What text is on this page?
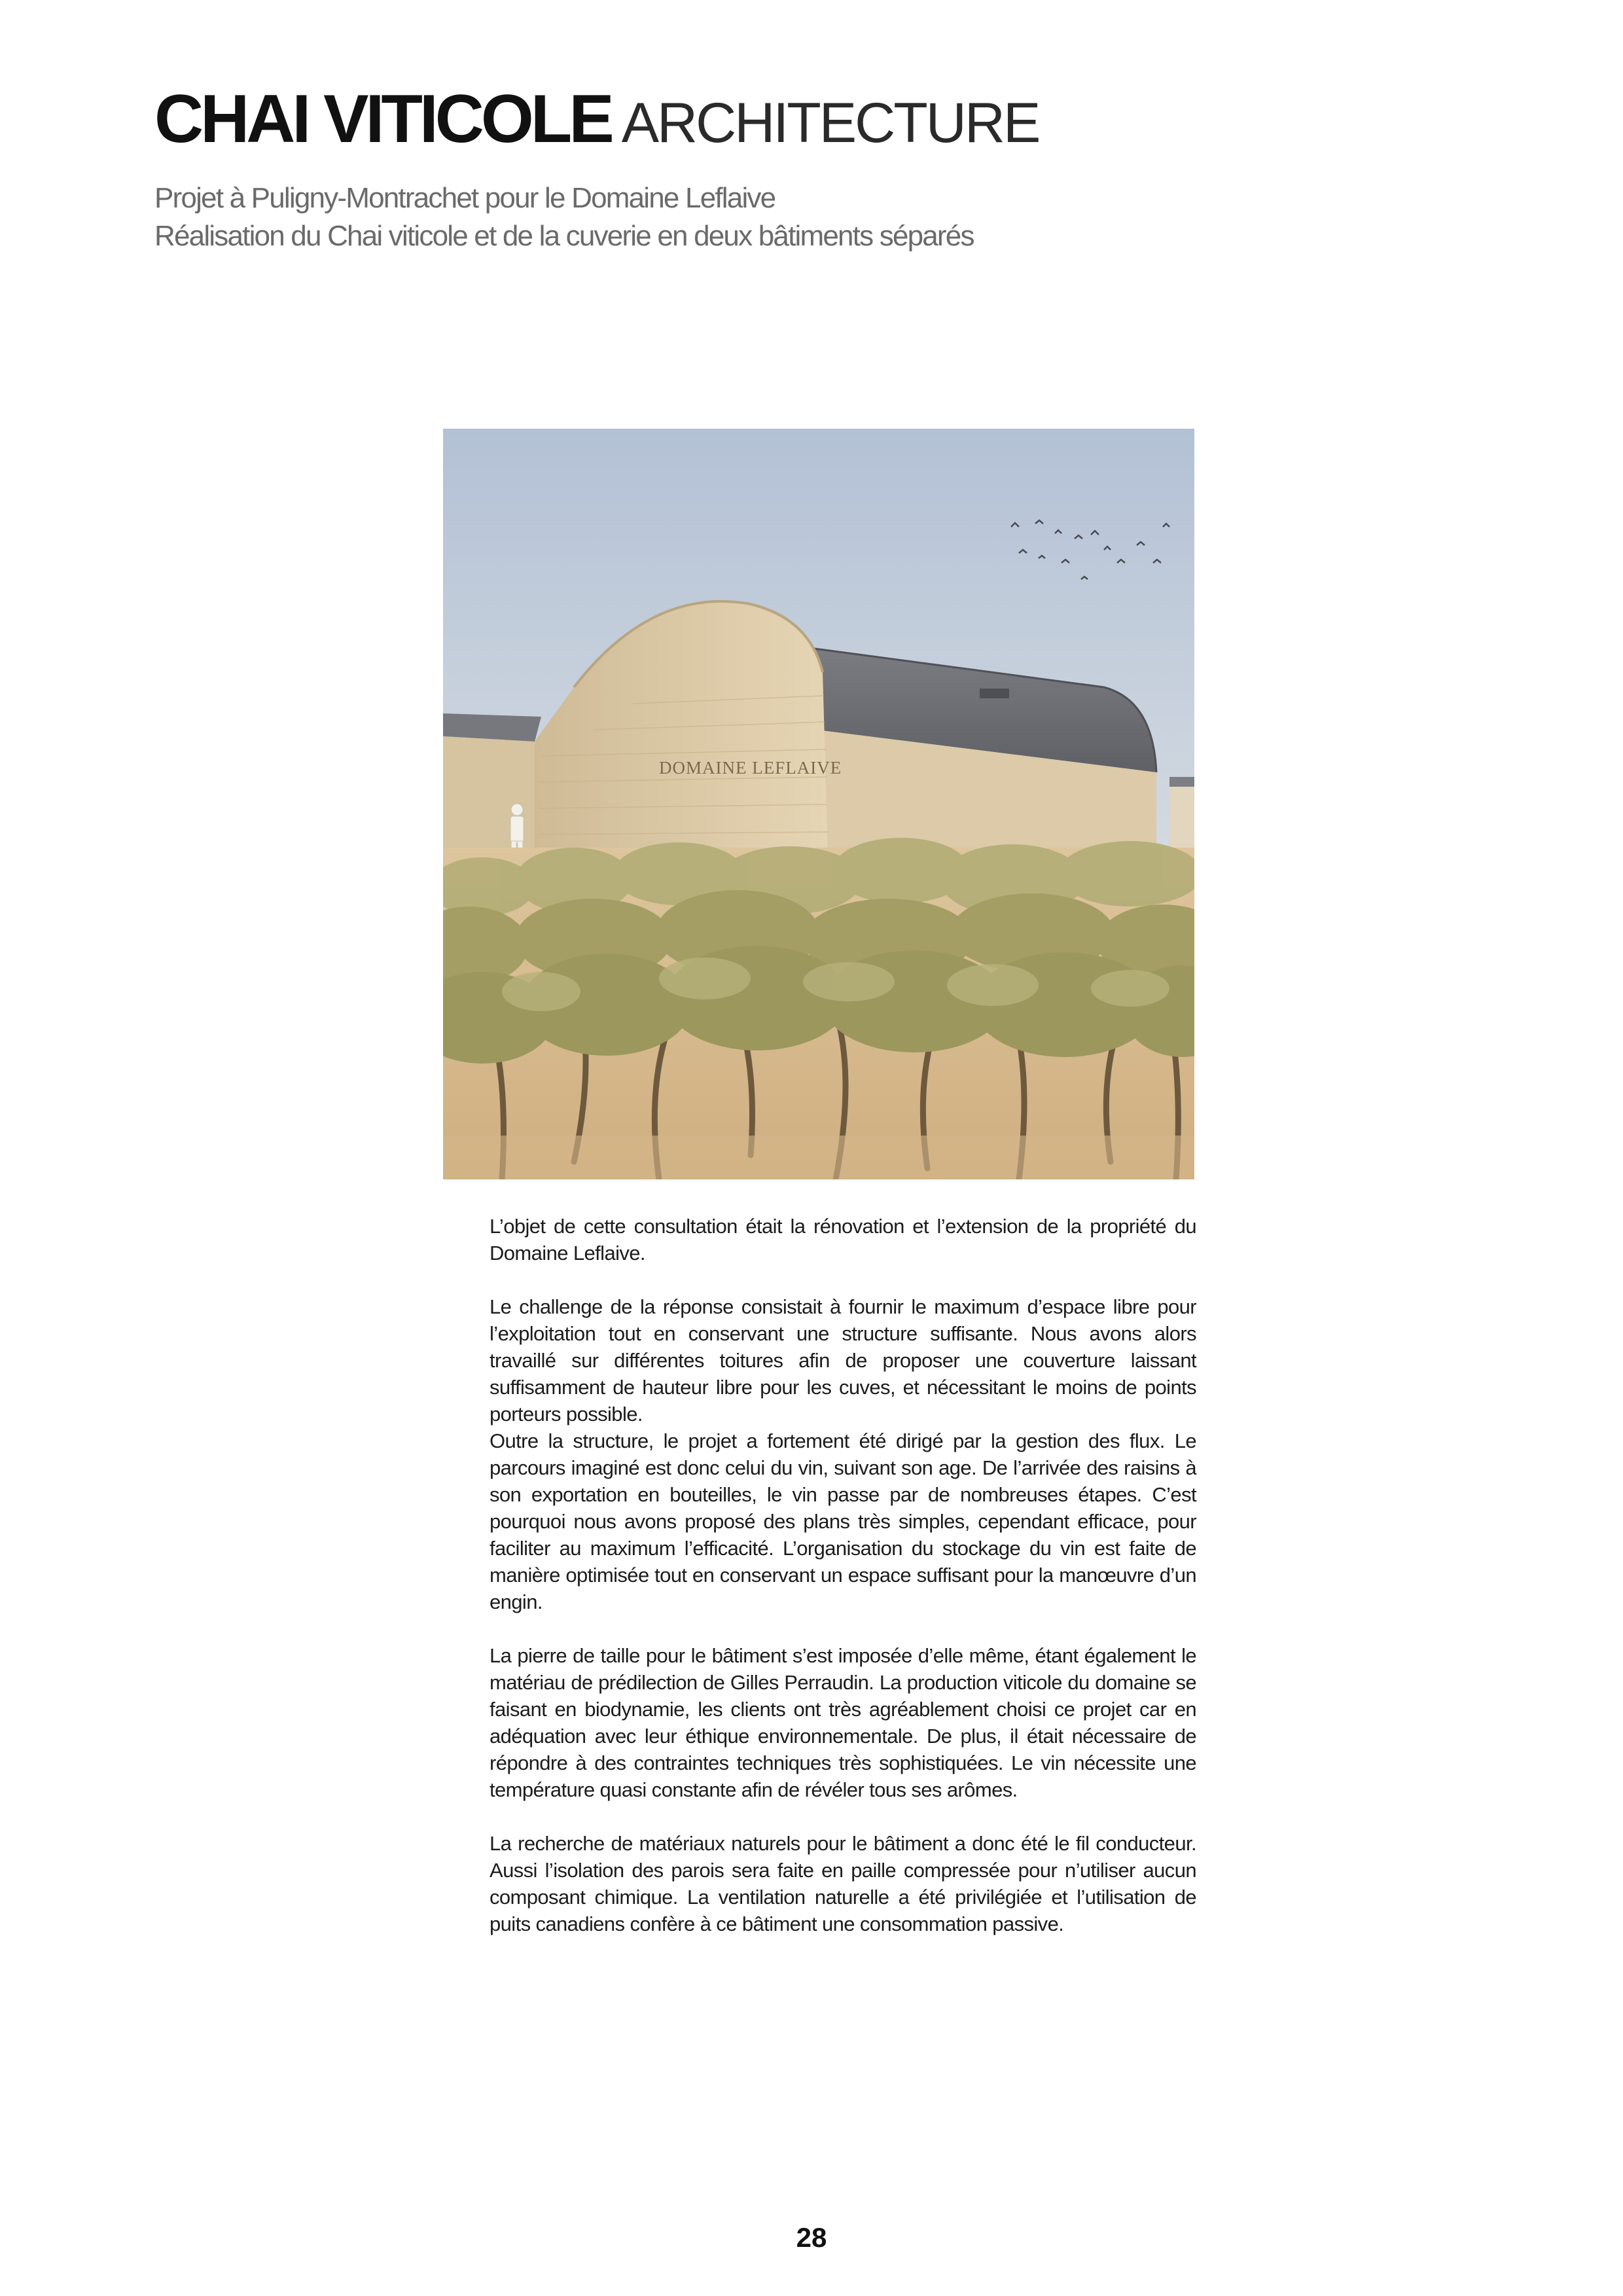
CHAI VITICOLE ARCHITECTURE
Projet à Puligny-Montrachet pour le Domaine Leflaive
Réalisation du Chai viticole et de la cuverie en deux bâtiments séparés
DOMAINE LEFLAIVE

L’objet de cette consultation était la rénovation et l’extension de la propriété du Domaine Leflaive.

Le challenge de la réponse consistait à fournir le maximum d’espace libre pour l’exploitation tout en conservant une structure suffisante. Nous avons alors travaillé sur différentes toitures afin de proposer une couverture laissant suffisamment de hauteur libre pour les cuves, et nécessitant le moins de points porteurs possible.

Outre la structure, le projet a fortement été dirigé par la gestion des flux. Le parcours imaginé est donc celui du vin, suivant son age. De l’arrivée des raisins à son exportation en bouteilles, le vin passe par de nombreuses étapes. C’est pourquoi nous avons proposé des plans très simples, cependant efficace, pour faciliter au maximum l’efficacité. L’organisation du stockage du vin est faite de manière optimisée tout en conservant un espace suffisant pour la manœuvre d’un engin.

La pierre de taille pour le bâtiment s’est imposée d’elle même, étant également le matériau de prédilection de Gilles Perraudin. La production viticole du domaine se faisant en biodynamie, les clients ont très agréablement choisi ce projet car en adéquation avec leur éthique environnementale. De plus, il était nécessaire de répondre à des contraintes techniques très sophistiquées. Le vin nécessite une température quasi constante afin de révéler tous ses arômes.

La recherche de matériaux naturels pour le bâtiment a donc été le fil conducteur. Aussi l’isolation des parois sera faite en paille compressée pour n’utiliser aucun composant chimique. La ventilation naturelle a été privilégiée et l’utilisation de puits canadiens confère à ce bâtiment une consommation passive.

28
